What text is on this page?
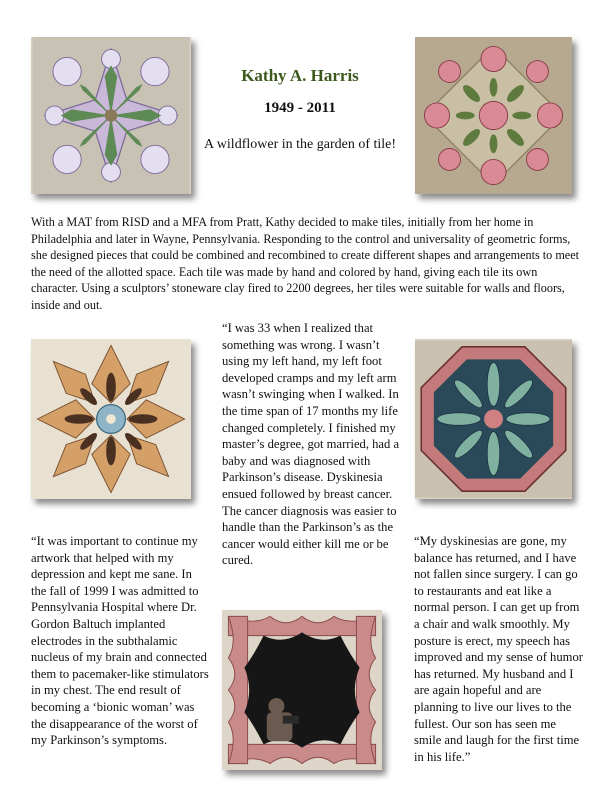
Kathy A. Harris
1949 - 2011
A wildflower in the garden of tile!
With a MAT from RISD and a MFA from Pratt, Kathy decided to make tiles, initially from her home in Philadelphia and later in Wayne, Pennsylvania. Responding to the control and universality of geometric forms, she designed pieces that could be combined and recombined to create different shapes and arrangements to meet the need of the allotted space. Each tile was made by hand and colored by hand, giving each tile its own character. Using a sculptors’ stoneware clay fired to 2200 degrees, her tiles were suitable for walls and floors, inside and out.
“I was 33 when I realized that something was wrong. I wasn’t using my left hand, my left foot developed cramps and my left arm wasn’t swinging when I walked. In the time span of 17 months my life changed completely. I finished my master’s degree, got married, had a baby and was diagnosed with Parkinson’s disease. Dyskinesia ensued followed by breast cancer. The cancer diagnosis was easier to handle than the Parkinson’s as the cancer would either kill me or be cured.
“It was important to continue my artwork that helped with my depression and kept me sane. In the fall of 1999 I was admitted to Pennsylvania Hospital where Dr. Gordon Baltuch implanted electrodes in the subthalamic nucleus of my brain and connected them to pacemaker-like stimulators in my chest. The end result of becoming a ‘bionic woman’ was the disappearance of the worst of my Parkinson’s symptoms.
“My dyskinesias are gone, my balance has returned, and I have not fallen since surgery. I can go to restaurants and eat like a normal person. I can get up from a chair and walk smoothly. My posture is erect, my speech has improved and my sense of humor has returned. My husband and I are again hopeful and are planning to live our lives to the fullest. Our son has seen me smile and laugh for the first time in his life.”
